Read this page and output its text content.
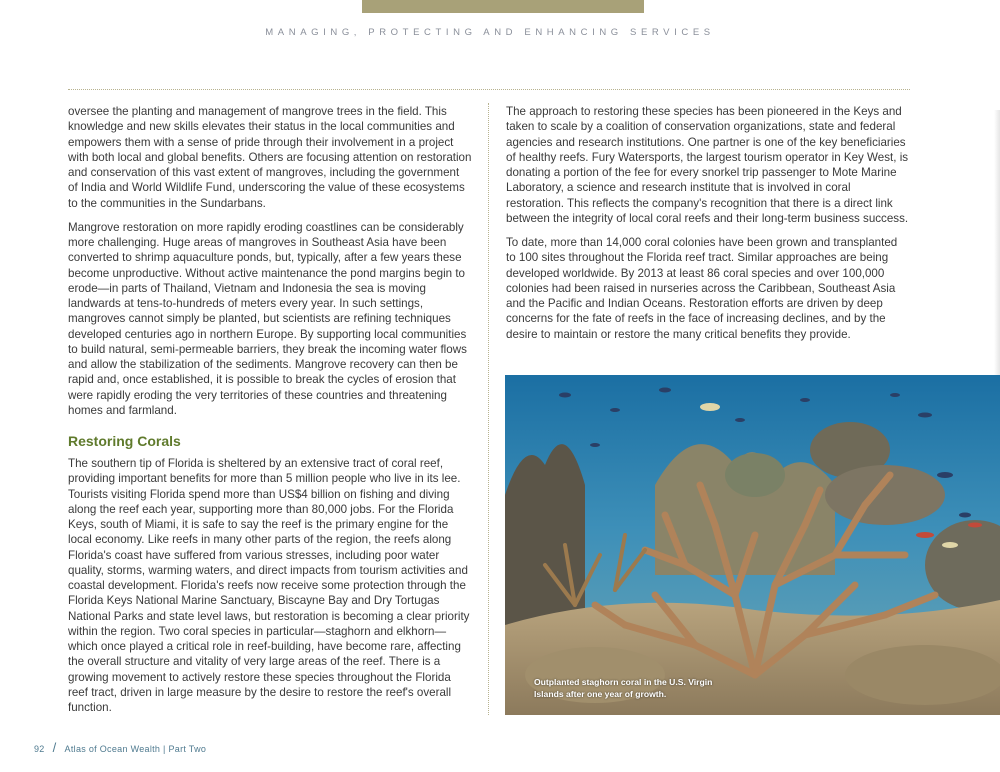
MANAGING, PROTECTING AND ENHANCING SERVICES

oversee the planting and management of mangrove trees in the field. This knowledge and new skills elevates their status in the local communities and empowers them with a sense of pride through their involvement in a project with both local and global benefits. Others are focusing attention on restoration and conservation of this vast extent of mangroves, including the government of India and World Wildlife Fund, underscoring the value of these ecosystems to the communities in the Sundarbans.

Mangrove restoration on more rapidly eroding coastlines can be considerably more challenging. Huge areas of mangroves in Southeast Asia have been converted to shrimp aquaculture ponds, but, typically, after a few years these become unproductive. Without active maintenance the pond margins begin to erode—in parts of Thailand, Vietnam and Indonesia the sea is moving landwards at tens-to-hundreds of meters every year. In such settings, mangroves cannot simply be planted, but scientists are refining techniques developed centuries ago in northern Europe. By supporting local communities to build natural, semi-permeable barriers, they break the incoming water flows and allow the stabilization of the sediments. Mangrove recovery can then be rapid and, once established, it is possible to break the cycles of erosion that were rapidly eroding the very territories of these countries and threatening homes and farmland.

Restoring Corals

The southern tip of Florida is sheltered by an extensive tract of coral reef, providing important benefits for more than 5 million people who live in its lee. Tourists visiting Florida spend more than US$4 billion on fishing and diving along the reef each year, supporting more than 80,000 jobs. For the Florida Keys, south of Miami, it is safe to say the reef is the primary engine for the local economy. Like reefs in many other parts of the region, the reefs along Florida's coast have suffered from various stresses, including poor water quality, storms, warming waters, and direct impacts from tourism activities and coastal development. Florida's reefs now receive some protection through the Florida Keys National Marine Sanctuary, Biscayne Bay and Dry Tortugas National Parks and state level laws, but restoration is becoming a clear priority within the region. Two coral species in particular—staghorn and elkhorn—which once played a critical role in reef-building, have become rare, affecting the overall structure and vitality of very large areas of the reef. There is a growing movement to actively restore these species throughout the Florida reef tract, driven in large measure by the desire to restore the reef's overall function.

The approach to restoring these species has been pioneered in the Keys and taken to scale by a coalition of conservation organizations, state and federal agencies and research institutions. One partner is one of the key beneficiaries of healthy reefs. Fury Watersports, the largest tourism operator in Key West, is donating a portion of the fee for every snorkel trip passenger to Mote Marine Laboratory, a science and research institute that is involved in coral restoration. This reflects the company's recognition that there is a direct link between the integrity of local coral reefs and their long-term business success.

To date, more than 14,000 coral colonies have been grown and transplanted to 100 sites throughout the Florida reef tract. Similar approaches are being developed worldwide. By 2013 at least 86 coral species and over 100,000 colonies had been raised in nurseries across the Caribbean, Southeast Asia and the Pacific and Indian Oceans. Restoration efforts are driven by deep concerns for the fate of reefs in the face of increasing declines, and by the desire to maintain or restore the many critical benefits they provide.

Outplanted staghorn coral in the U.S. Virgin Islands after one year of growth.
92 / Atlas of Ocean Wealth | Part Two
